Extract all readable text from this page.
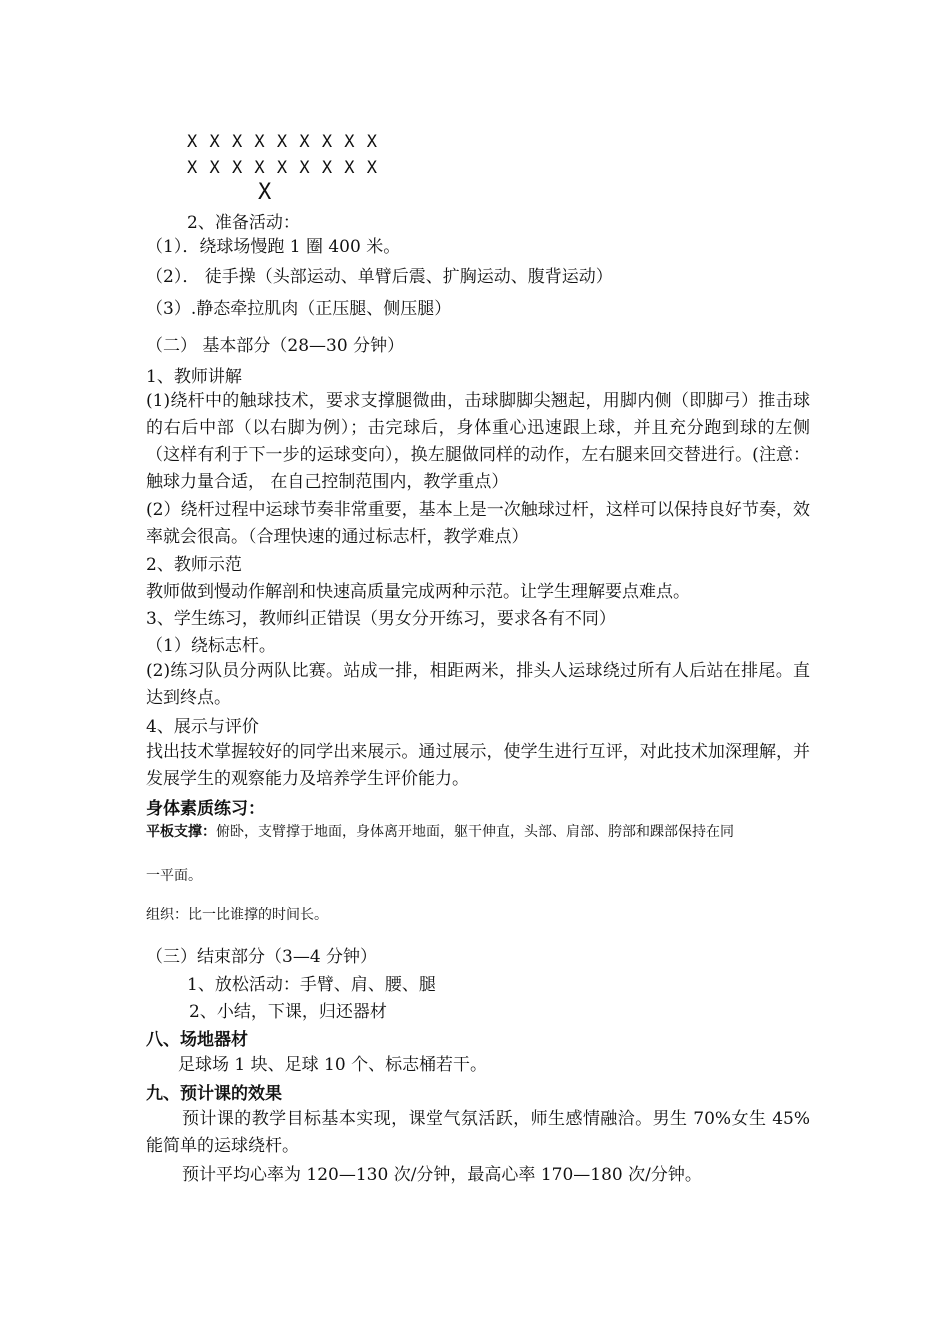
X X X X X X X X X
X X X X X X X X X
X
2、准备活动：
（1）．绕球场慢跑 1 圈 400 米。
（2）． 徒手操（头部运动、单臂后震、扩胸运动、腹背运动）
（3）.静态牵拉肌肉（正压腿、侧压腿）
（二） 基本部分（28—30 分钟）
1、教师讲解
(1)绕杆中的触球技术，要求支撑腿微曲，击球脚脚尖翘起，用脚内侧（即脚弓）推击球的右后中部（以右脚为例）；击完球后，身体重心迅速跟上球，并且充分跑到球的左侧（这样有利于下一步的运球变向），换左腿做同样的动作，左右腿来回交替进行。(注意：触球力量合适， 在自己控制范围内，教学重点）
(2）绕杆过程中运球节奏非常重要，基本上是一次触球过杆，这样可以保持良好节奏，效率就会很高。（合理快速的通过标志杆，教学难点）
2、教师示范
教师做到慢动作解剖和快速高质量完成两种示范。让学生理解要点难点。
3、学生练习，教师纠正错误（男女分开练习，要求各有不同）
（1）绕标志杆。
(2)练习队员分两队比赛。站成一排，相距两米，排头人运球绕过所有人后站在排尾。直达到终点。
4、展示与评价
找出技术掌握较好的同学出来展示。通过展示，使学生进行互评，对此技术加深理解，并发展学生的观察能力及培养学生评价能力。
身体素质练习：
平板支撑：俯卧，支臂撑于地面，身体离开地面，躯干伸直，头部、肩部、胯部和踝部保持在同
一平面。
组织：比一比谁撑的时间长。
（三）结束部分（3—4 分钟）
1、放松活动：手臂、肩、腰、腿
2、小结，下课，归还器材
八、场地器材
足球场 1 块、足球 10 个、标志桶若干。
九、预计课的效果
预计课的教学目标基本实现，课堂气氛活跃，师生感情融洽。男生 70%女生 45%能简单的运球绕杆。
预计平均心率为 120—130 次/分钟，最高心率 170—180 次/分钟。
